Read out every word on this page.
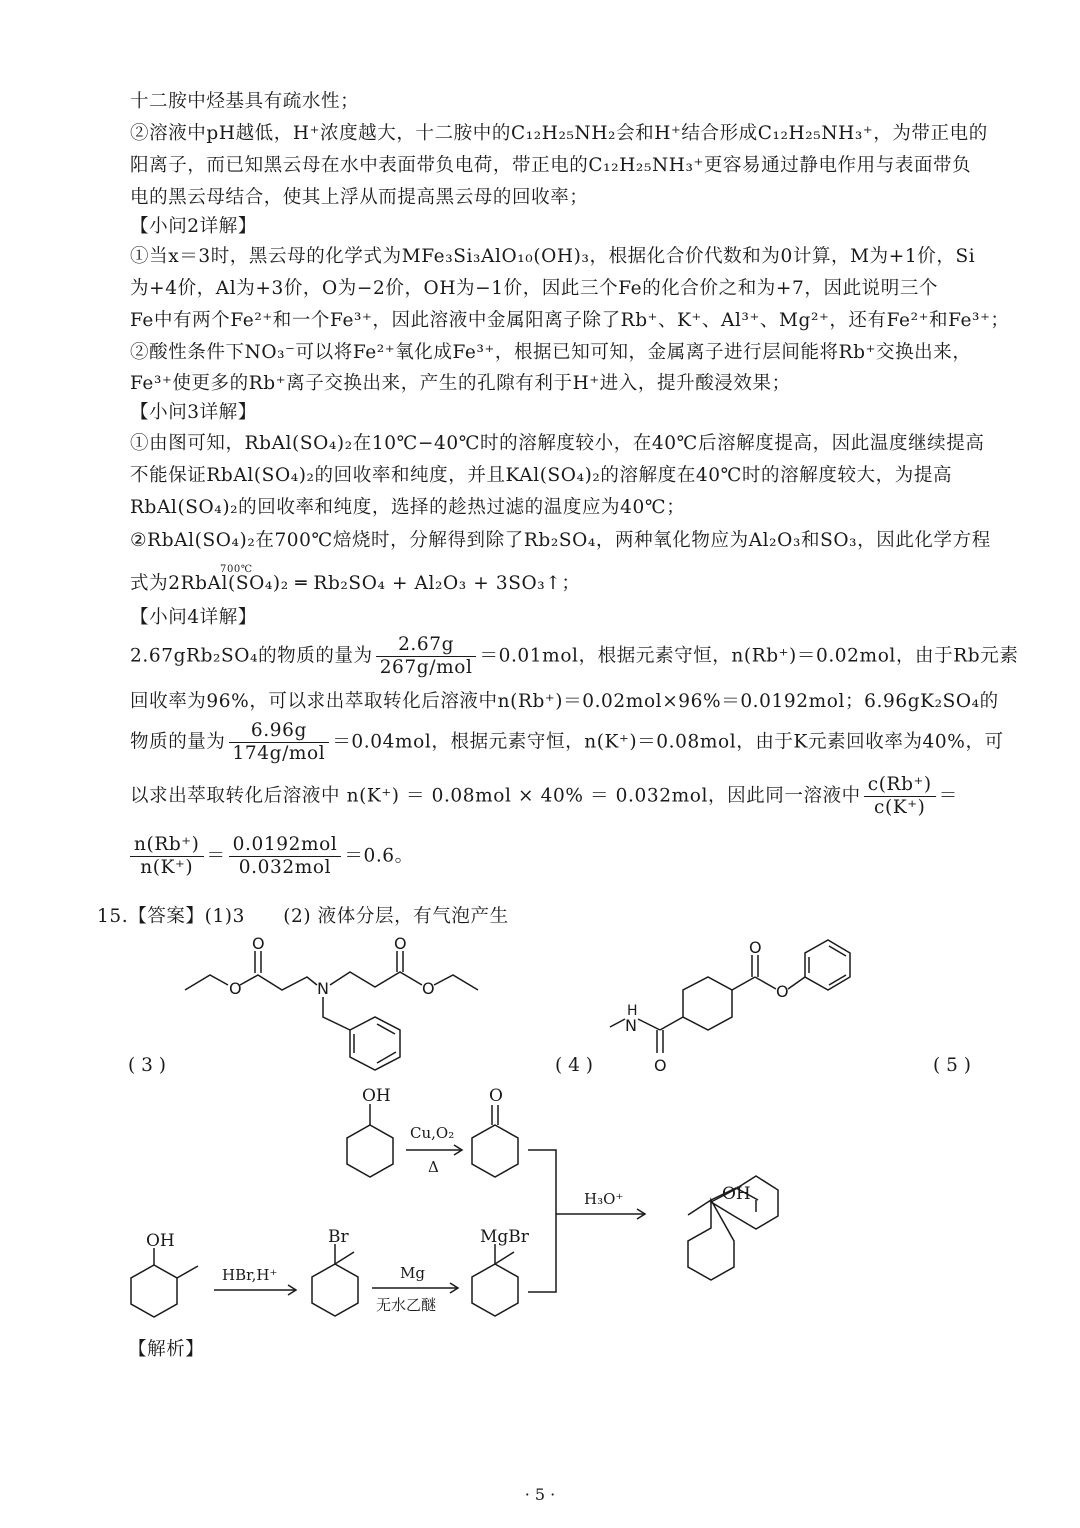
十二胺中烃基具有疏水性；
②溶液中pH越低，H⁺浓度越大，十二胺中的C₁₂H₂₅NH₂会和H⁺结合形成C₁₂H₂₅NH₃⁺，为带正电的
阳离子，而已知黑云母在水中表面带负电荷，带正电的C₁₂H₂₅NH₃⁺更容易通过静电作用与表面带负
电的黑云母结合，使其上浮从而提高黑云母的回收率；
【小问2详解】
①当x＝3时，黑云母的化学式为MFe₃Si₃AlO₁₀(OH)₃，根据化合价代数和为0计算，M为+1价，Si
为+4价，Al为+3价，O为−2价，OH为−1价，因此三个Fe的化合价之和为+7，因此说明三个
Fe中有两个Fe²⁺和一个Fe³⁺，因此溶液中金属阳离子除了Rb⁺、K⁺、Al³⁺、Mg²⁺，还有Fe²⁺和Fe³⁺；
②酸性条件下NO₃⁻可以将Fe²⁺氧化成Fe³⁺，根据已知可知，金属离子进行层间能将Rb⁺交换出来，
Fe³⁺使更多的Rb⁺离子交换出来，产生的孔隙有利于H⁺进入，提升酸浸效果；
【小问3详解】
①由图可知，RbAl(SO₄)₂在10℃−40℃时的溶解度较小，在40℃后溶解度提高，因此温度继续提高
不能保证RbAl(SO₄)₂的回收率和纯度，并且KAl(SO₄)₂的溶解度在40℃时的溶解度较大，为提高
RbAl(SO₄)₂的回收率和纯度，选择的趁热过滤的温度应为40℃；
②RbAl(SO₄)₂在700℃焙烧时，分解得到除了Rb₂SO₄，两种氧化物应为Al₂O₃和SO₃，因此化学方程
700℃
式为2RbAl(SO₄)₂ ═ Rb₂SO₄ + Al₂O₃ + 3SO₃↑；
【小问4详解】
2.67gRb₂SO₄的物质的量为 $\frac{2.67g}{\text{267g/mol}} =0.01mol$，根据元素守恒，n(Rb⁺)＝0.02mol，由于Rb元素
回收率为96%，可以求出萃取转化后溶液中n(Rb⁺)＝0.02mol×96%＝0.0192mol；6.96gK₂SO₄的
物质的量为 $\frac{6.96g}{\text{174g/mol}} =0.04mol$，根据元素守恒，n(K⁺)＝0.08mol，由于K元素回收率为40%，可
以求出萃取转化后溶液中 n(K⁺) ＝ 0.08mol × 40% ＝ 0.032mol，因此同一溶液中 $\frac{c(Rb^+)}{c(K^+)}$ ＝
$\frac{n(Rb^+)}{n(K^+)} = \frac{\text{0.0192mol}}{\text{0.032mol}} =0.6$。
15.【答案】(1)3　　(2) 液体分层，有气泡产生
( 3 )	( 4 )	( 5 )
O
O	N
O
O
H
N
O
O
O
OH
Cu,O₂
Δ
O
H₃O⁺	OH
OH
HBr,H⁺
Br
Mg
无水乙醚
MgBr
【解析】
· 5 ·
